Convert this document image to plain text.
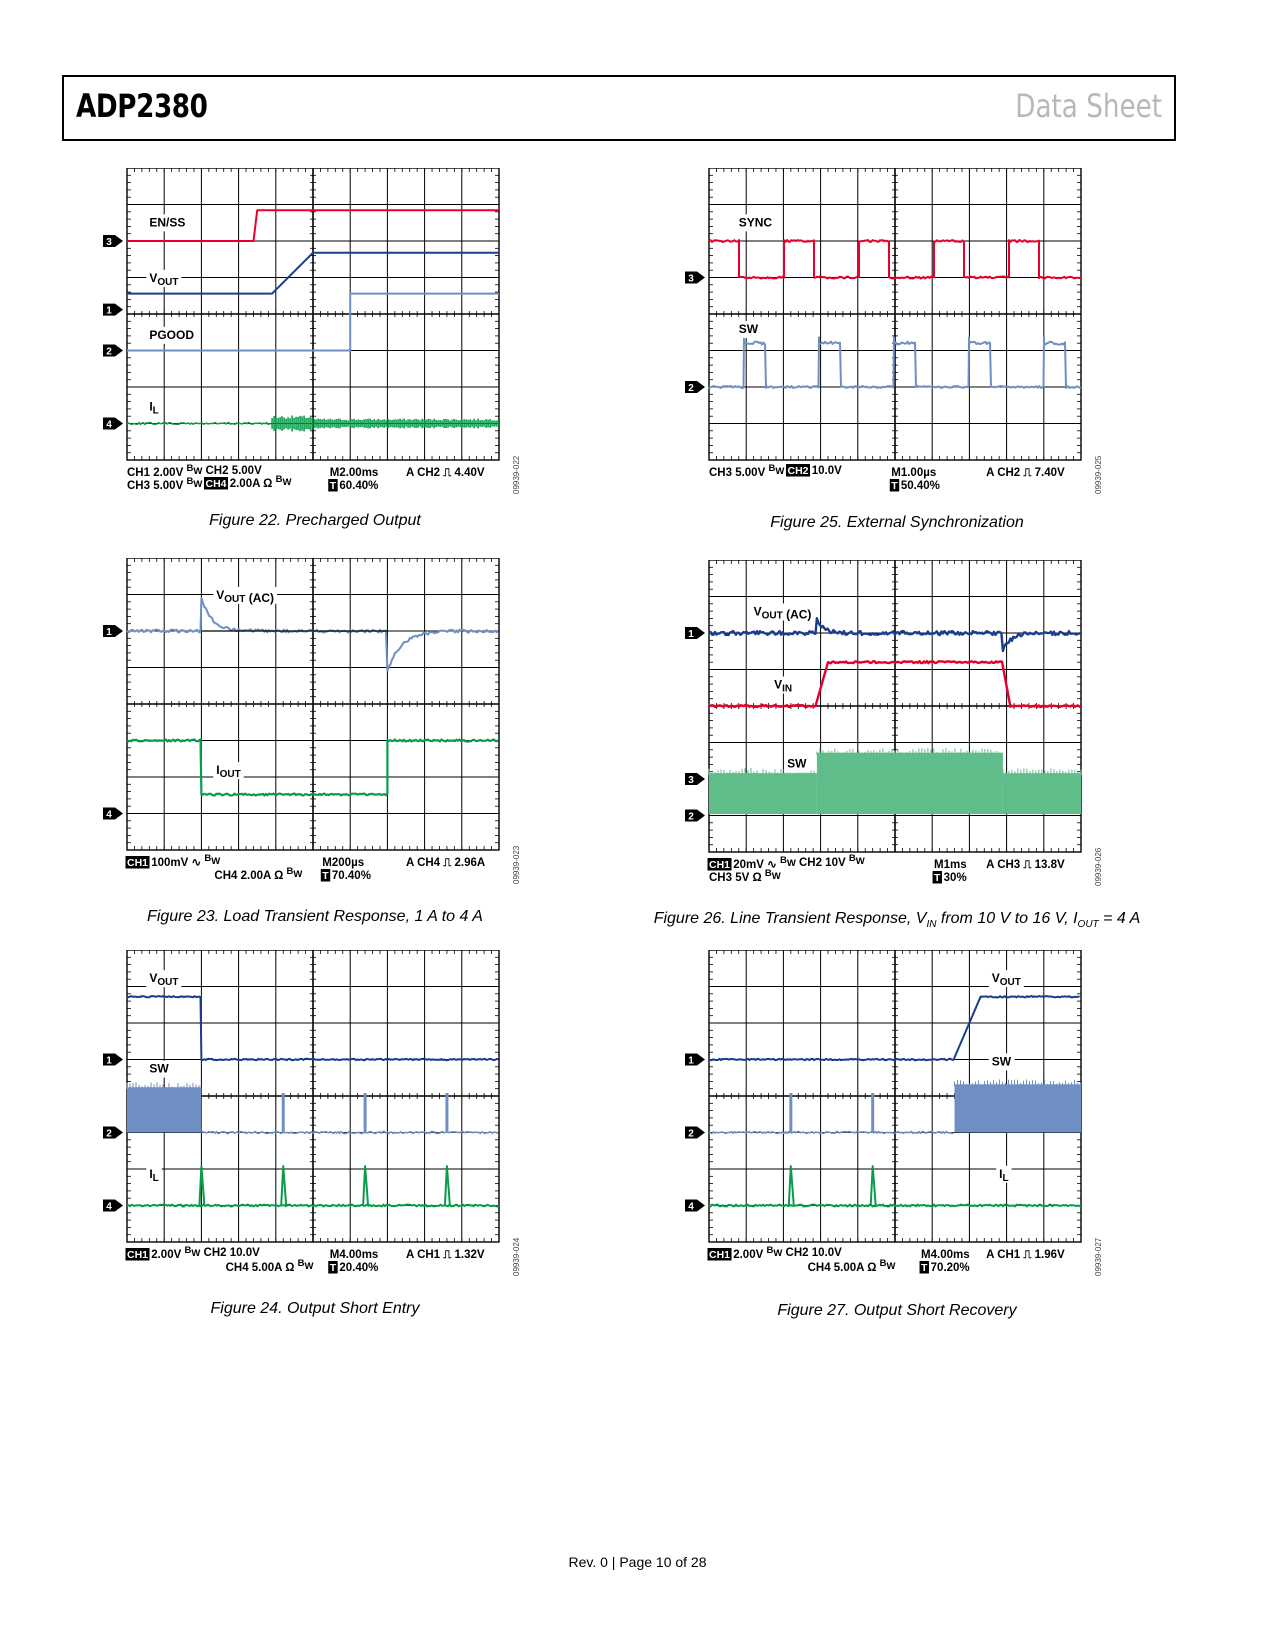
ADP2380	Data Sheet
3
1
2
4
EN/SS
$V_{OUT}$
PGOOD
$I_L$
CH1 2.00V $^B_W$ CH2 5.00V
CH3 5.00V $^B_W$ CH4 2.00A Ω $^B_W$
M2.00ms
T 60.40%
A CH2 ⎍ 4.40V	09939-022
Figure 22. Precharged Output
3
2
SYNC
SW
CH3 5.00V $^B_W$ CH2 10.0V	M1.00µs
T 50.40%
A CH2 ⎍ 7.40V	09939-025
Figure 25. External Synchronization
1
4
$V_{OUT}$ (AC)
$I_{OUT}$
CH1 100mV ∿ $^B_W$
CH4 2.00A Ω $^B_W$
M200µs
T 70.40%
A CH4 ⎍ 2.96A	09939-023
Figure 23. Load Transient Response, 1 A to 4 A
1
3
2
$V_{OUT}$ (AC)
$V_{IN}$
SW
CH1 20mV ∿ $^B_W$ CH2 10V $^B_W$
CH3 5V Ω $^B_W$
M1ms
T 30%
A CH3 ⎍ 13.8V	09939-026
Figure 26. Line Transient Response, $V_{IN}$ from 10 V to 16 V, $I_{OUT} = 4$ A
1
2
4
$V_{OUT}$
SW
$I_L$
CH1 2.00V $^B_W$ CH2 10.0V
CH4 5.00A Ω $^B_W$
M4.00ms
T 20.40%
A CH1 ⎍ 1.32V	09939-024
Figure 24. Output Short Entry
1
2
4
$V_{OUT}$
SW
$I_L$
CH1 2.00V $^B_W$ CH2 10.0V
CH4 5.00A Ω $^B_W$
M4.00ms
T 70.20%
A CH1 ⎍ 1.96V	09939-027
Figure 27. Output Short Recovery
Rev. 0 | Page 10 of 28
